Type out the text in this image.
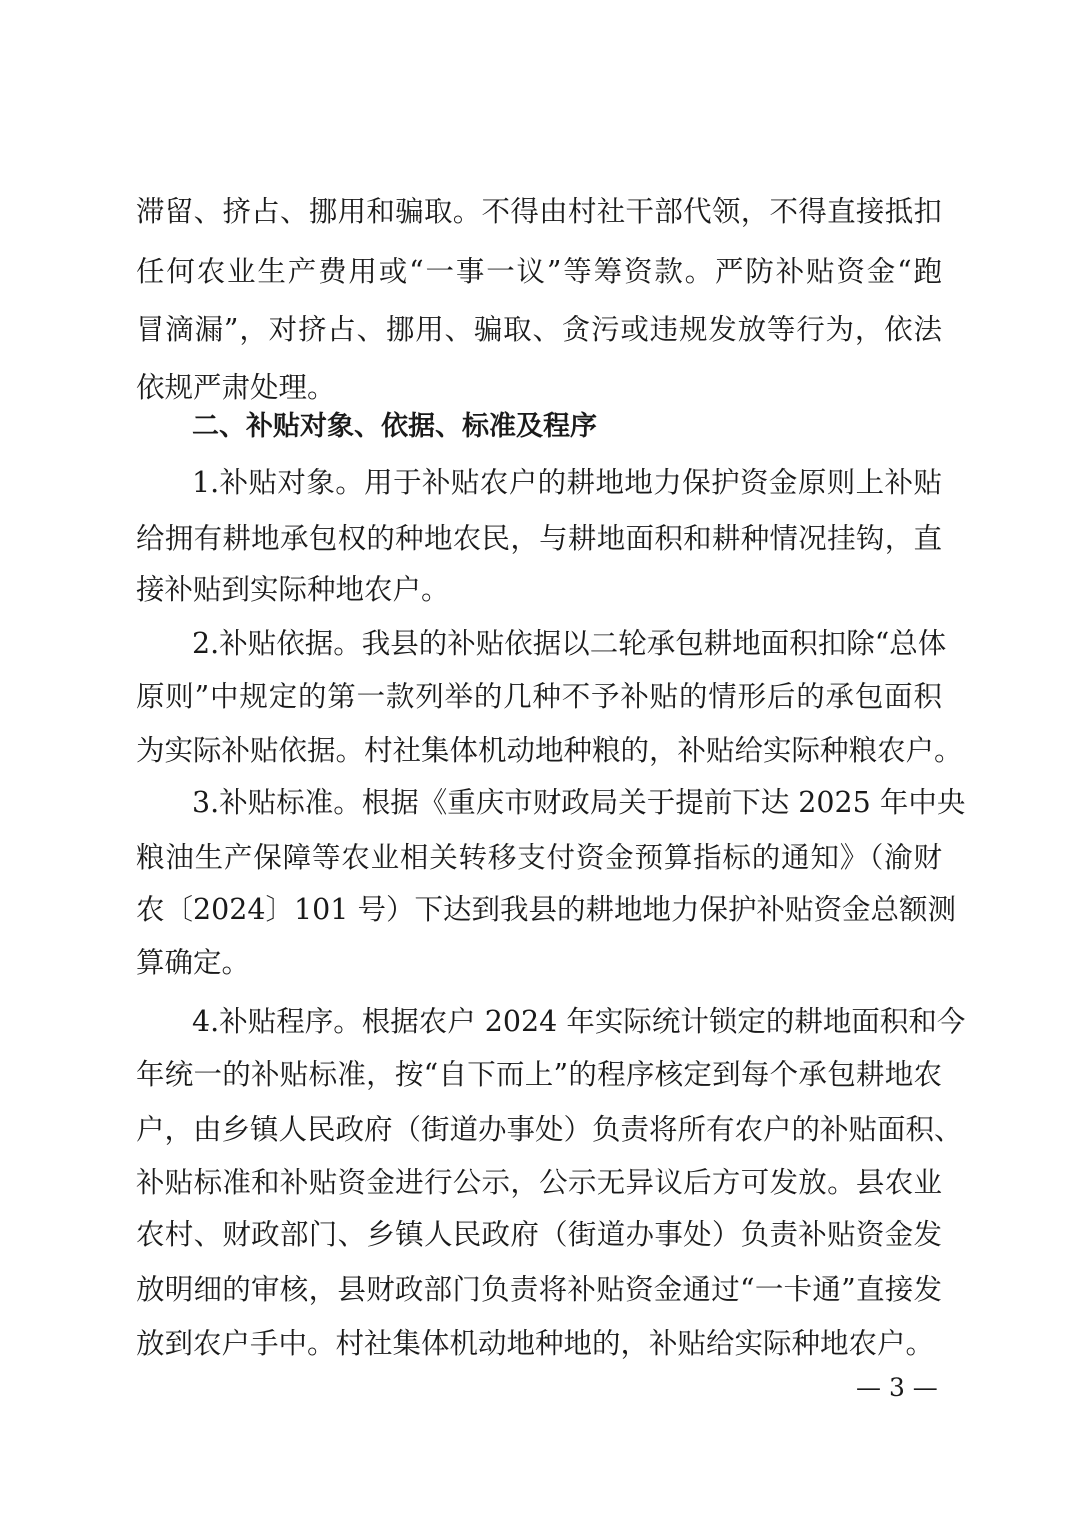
滞留、挤占、挪用和骗取。不得由村社干部代领，不得直接抵扣
任何农业生产费用或“一事一议”等筹资款。严防补贴资金“跑
冒滴漏”，对挤占、挪用、骗取、贪污或违规发放等行为，依法
依规严肃处理。
二、补贴对象、依据、标准及程序
1.补贴对象。用于补贴农户的耕地地力保护资金原则上补贴
给拥有耕地承包权的种地农民，与耕地面积和耕种情况挂钩，直
接补贴到实际种地农户。
2.补贴依据。我县的补贴依据以二轮承包耕地面积扣除“总体
原则”中规定的第一款列举的几种不予补贴的情形后的承包面积
为实际补贴依据。村社集体机动地种粮的，补贴给实际种粮农户。
3.补贴标准。根据《重庆市财政局关于提前下达 2025 年中央
粮油生产保障等农业相关转移支付资金预算指标的通知》（渝财
农〔2024〕101 号）下达到我县的耕地地力保护补贴资金总额测
算确定。
4.补贴程序。根据农户 2024 年实际统计锁定的耕地面积和今
年统一的补贴标准，按“自下而上”的程序核定到每个承包耕地农
户，由乡镇人民政府（街道办事处）负责将所有农户的补贴面积、
补贴标准和补贴资金进行公示，公示无异议后方可发放。县农业
— 3 —
农村、财政部门、乡镇人民政府（街道办事处）负责补贴资金发
放明细的审核，县财政部门负责将补贴资金通过“一卡通”直接发
放到农户手中。村社集体机动地种地的，补贴给实际种地农户。
